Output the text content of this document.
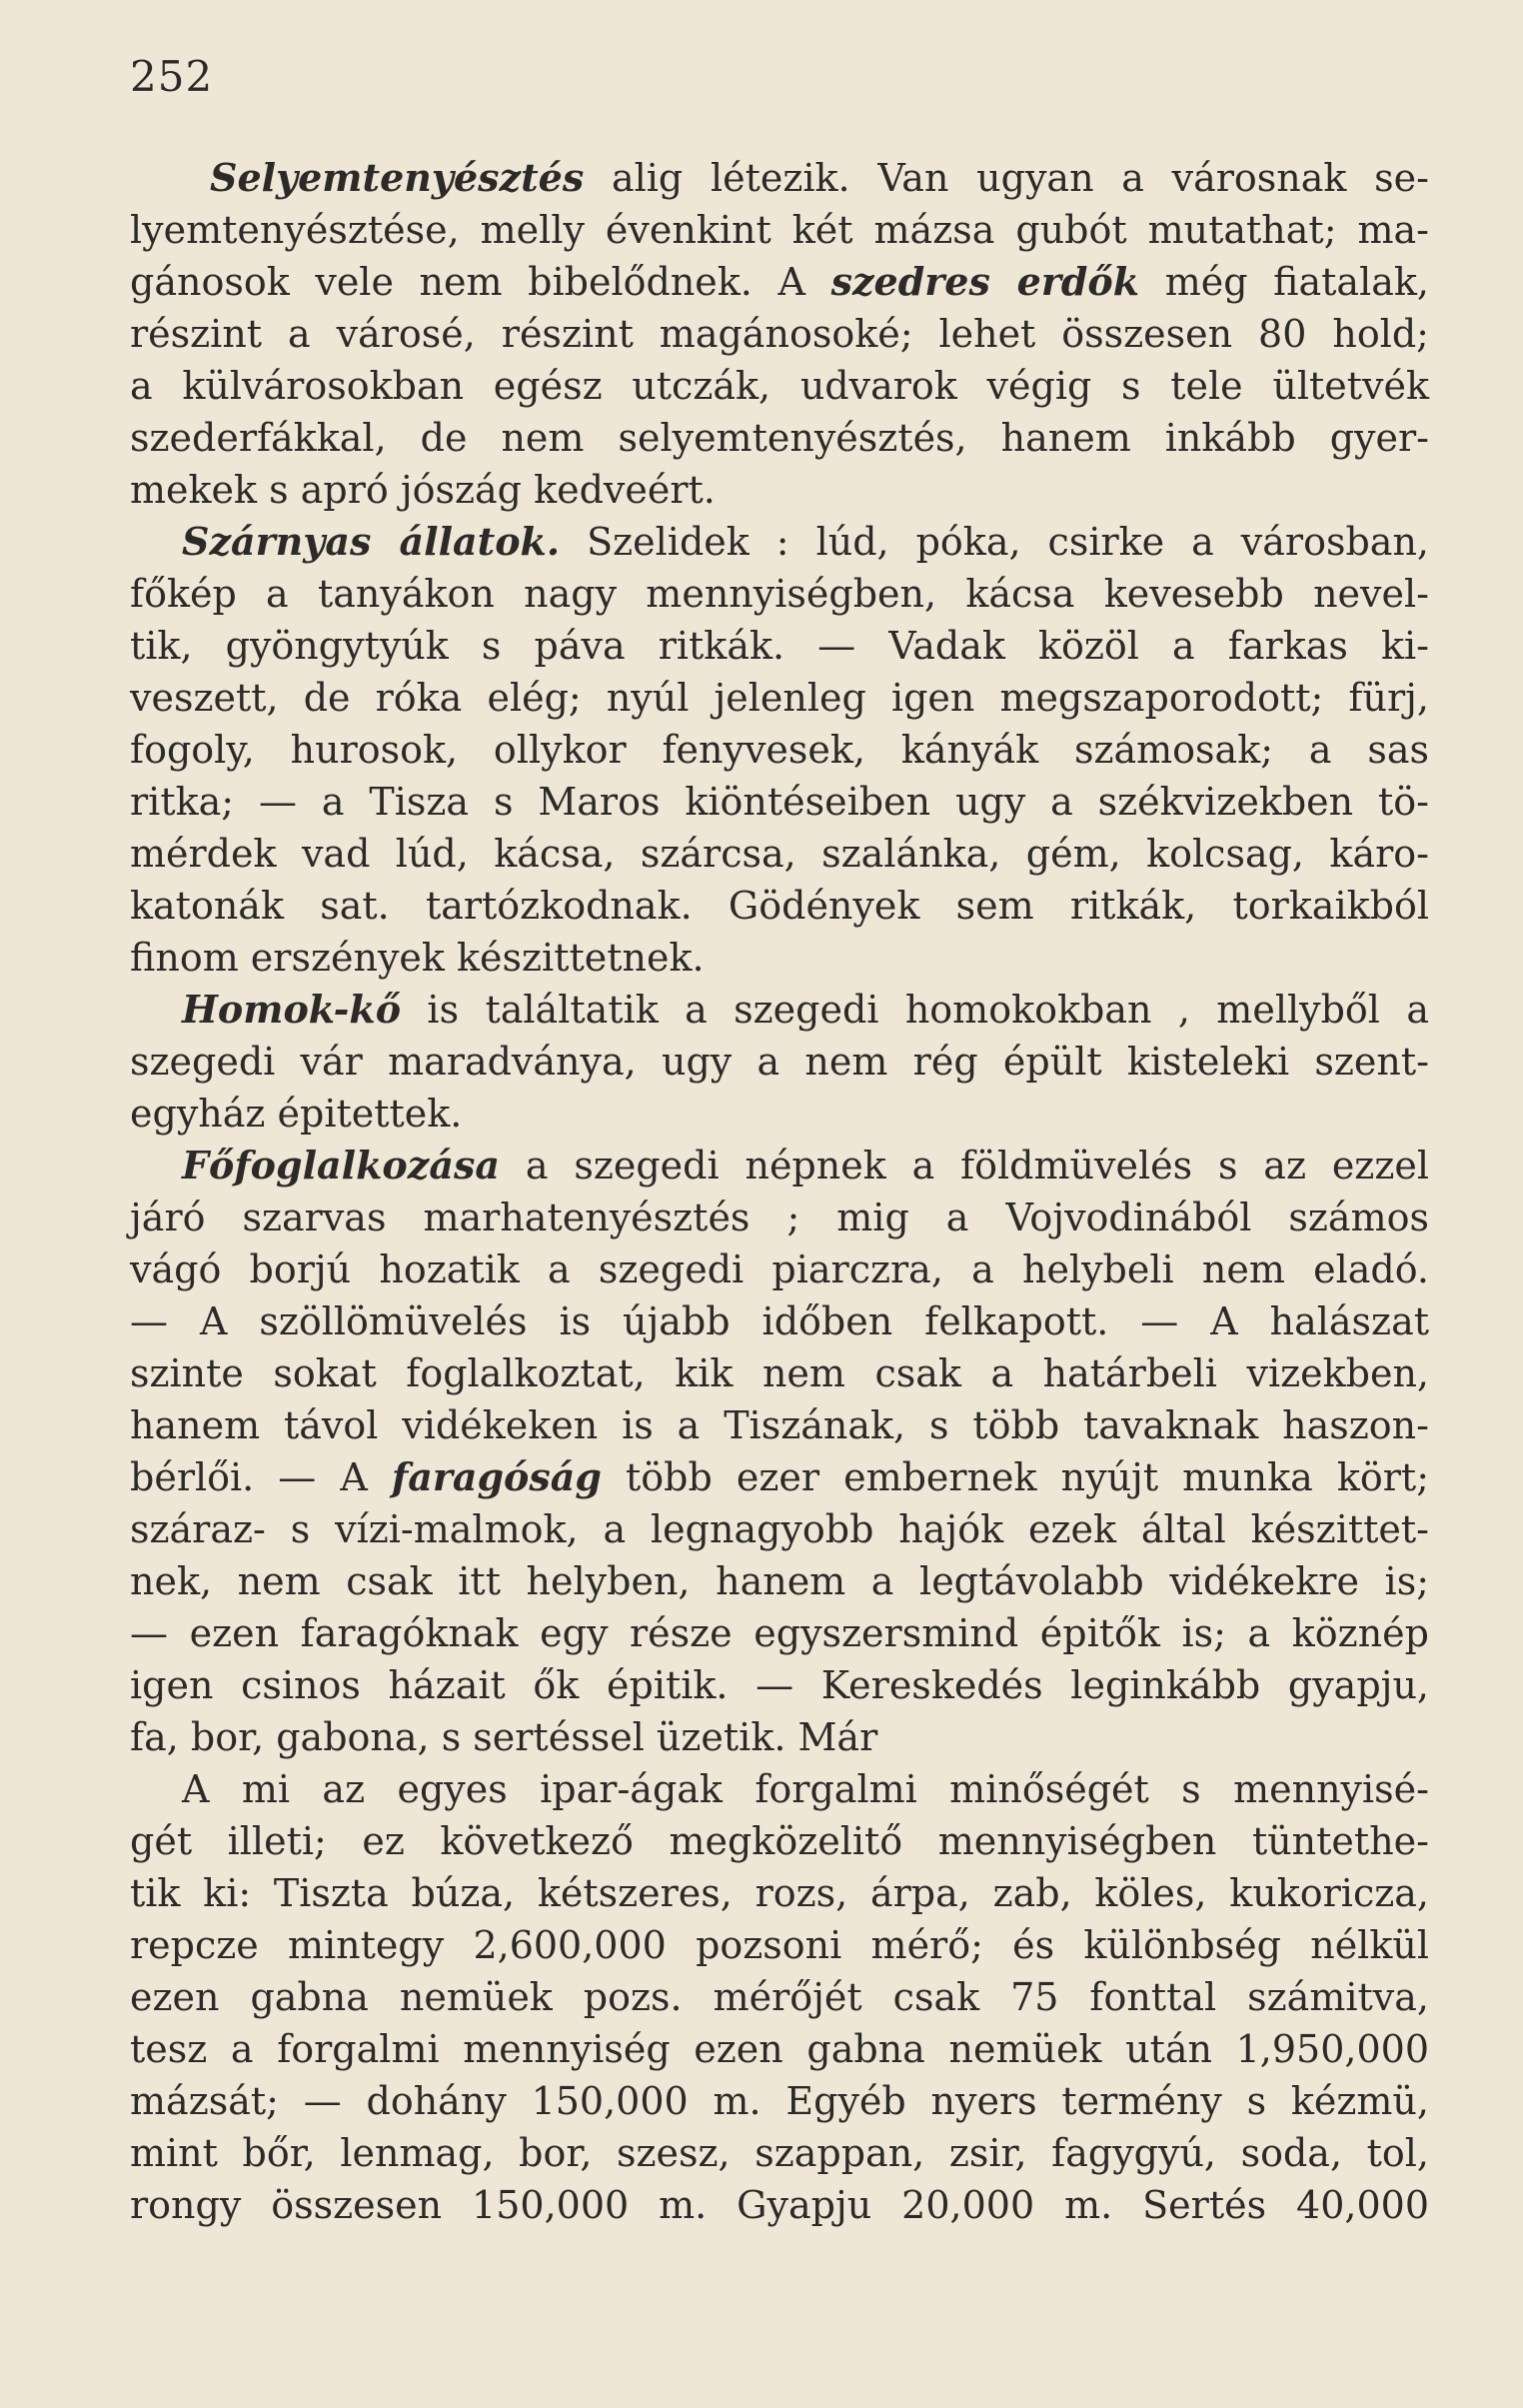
252
Selyemtenyésztés alig létezik. Van ugyan a városnak se-
lyemtenyésztése, melly évenkint két mázsa gubót mutathat; ma-
gánosok vele nem bibelődnek. A szedres erdők még fiatalak,
részint a városé, részint magánosoké; lehet összesen 80 hold;
a külvárosokban egész utczák, udvarok végig s tele ültetvék
szederfákkal, de nem selyemtenyésztés, hanem inkább gyer-
mekek s apró jószág kedveért.
Szárnyas állatok. Szelidek : lúd, póka, csirke a városban,
főkép a tanyákon nagy mennyiségben, kácsa kevesebb nevel-
tik, gyöngytyúk s páva ritkák. — Vadak közöl a farkas ki-
veszett, de róka elég; nyúl jelenleg igen megszaporodott; fürj,
fogoly, hurosok, ollykor fenyvesek, kányák számosak; a sas
ritka; — a Tisza s Maros kiöntéseiben ugy a székvizekben tö-
mérdek vad lúd, kácsa, szárcsa, szalánka, gém, kolcsag, káro-
katonák sat. tartózkodnak. Gödények sem ritkák, torkaikból
finom erszények készittetnek.
Homok-kő is találtatik a szegedi homokokban , mellyből a
szegedi vár maradványa, ugy a nem rég épült kisteleki szent-
egyház épitettek.
Főfoglalkozása a szegedi népnek a földmüvelés s az ezzel
járó szarvas marhatenyésztés ; mig a Vojvodinából számos
vágó borjú hozatik a szegedi piarczra, a helybeli nem eladó.
— A szöllömüvelés is újabb időben felkapott. — A halászat
szinte sokat foglalkoztat, kik nem csak a határbeli vizekben,
hanem távol vidékeken is a Tiszának, s több tavaknak haszon-
bérlői. — A faragóság több ezer embernek nyújt munka kört;
száraz- s vízi-malmok, a legnagyobb hajók ezek által készittet-
nek, nem csak itt helyben, hanem a legtávolabb vidékekre is;
— ezen faragóknak egy része egyszersmind épitők is; a köznép
igen csinos házait ők épitik. — Kereskedés leginkább gyapju,
fa, bor, gabona, s sertéssel üzetik. Már
A mi az egyes ipar-ágak forgalmi minőségét s mennyisé-
gét illeti; ez következő megközelitő mennyiségben tüntethe-
tik ki: Tiszta búza, kétszeres, rozs, árpa, zab, köles, kukoricza,
repcze mintegy 2,600,000 pozsoni mérő; és különbség nélkül
ezen gabna nemüek pozs. mérőjét csak 75 fonttal számitva,
tesz a forgalmi mennyiség ezen gabna nemüek után 1,950,000
mázsát; — dohány 150,000 m. Egyéb nyers termény s kézmü,
mint bőr, lenmag, bor, szesz, szappan, zsir, fagygyú, soda, tol,
rongy összesen 150,000 m. Gyapju 20,000 m. Sertés 40,000
